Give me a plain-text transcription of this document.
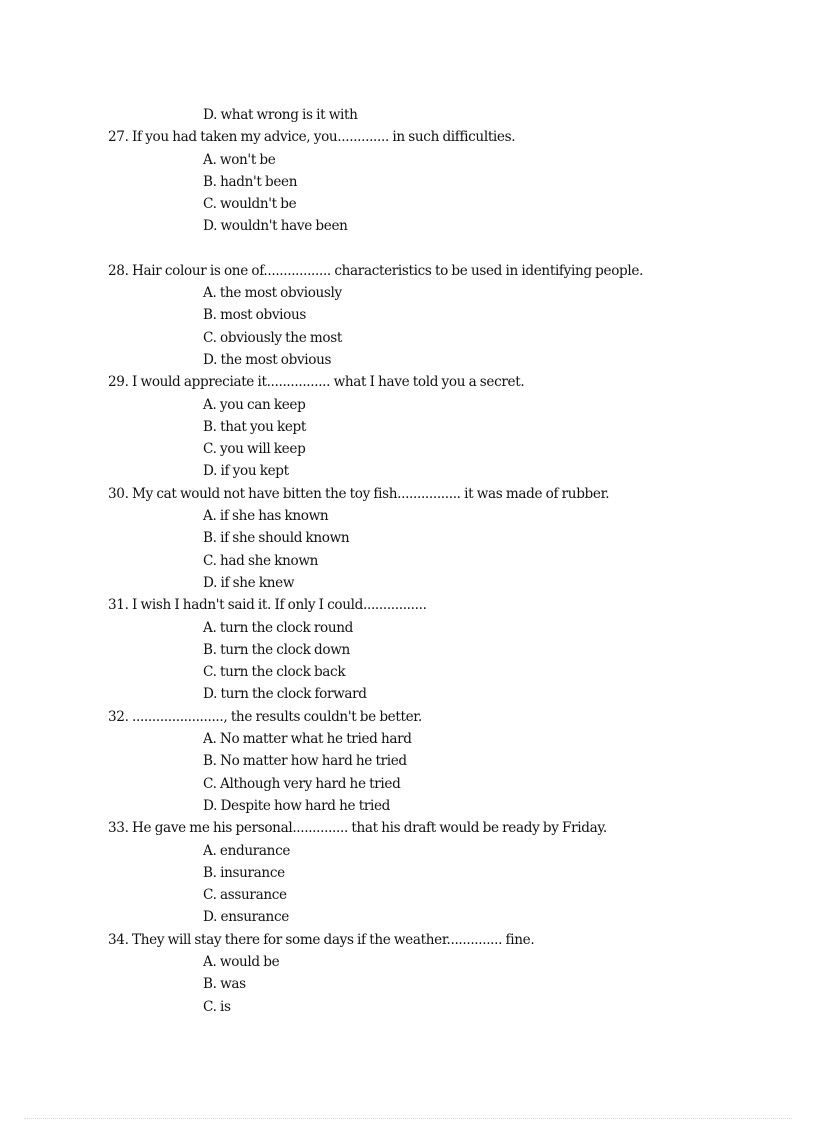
D. what wrong is it with
27. If you had taken my advice, you............. in such difficulties.
A. won't be
B. hadn't been
C. wouldn't be
D. wouldn't have been
28. Hair colour is one of................. characteristics to be used in identifying people.
A. the most obviously
B. most obvious
C. obviously the most
D. the most obvious
29. I would appreciate it................ what I have told you a secret.
A. you can keep
B. that you kept
C. you will keep
D. if you kept
30. My cat would not have bitten the toy fish................ it was made of rubber.
A. if she has known
B. if she should known
C. had she known
D. if she knew
31. I wish I hadn't said it. If only I could................
A. turn the clock round
B. turn the clock down
C. turn the clock back
D. turn the clock forward
32. ......................., the results couldn't be better.
A. No matter what he tried hard
B. No matter how hard he tried
C. Although very hard he tried
D. Despite how hard he tried
33. He gave me his personal.............. that his draft would be ready by Friday.
A. endurance
B. insurance
C. assurance
D. ensurance
34. They will stay there for some days if the weather.............. fine.
A. would be
B. was
C. is
